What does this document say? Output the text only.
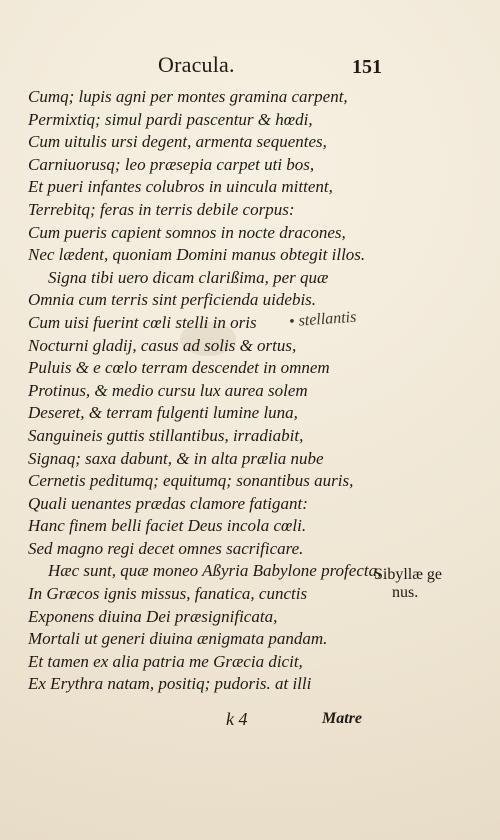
Oracula.	151
Cumq; lupis agni per montes gramina carpent,
Permixtiq; simul pardi pascentur & hœdi,
Cum uitulis ursi degent, armenta sequentes,
Carniuorusq; leo præsepia carpet uti bos,
Et pueri infantes colubros in uincula mittent,
Terrebitq; feras in terris debile corpus:
Cum pueris capient somnos in nocte dracones,
Nec lædent, quoniam Domini manus obtegit illos.
Signa tibi uero dicam clarißima, per quæ
Omnia cum terris sint perficienda uidebis.
Cum uisi fuerint cœli stelli in oris
Nocturni gladij, casus ad solis & ortus,
Puluis & e cœlo terram descendet in omnem
Protinus, & medio cursu lux aurea solem
Deseret, & terram fulgenti lumine luna,
Sanguineis guttis stillantibus, irradiabit,
Signaq; saxa dabunt, & in alta prælia nube
Cernetis peditumq; equitumq; sonantibus auris,
Quali uenantes prædas clamore fatigant:
Hanc finem belli faciet Deus incola cœli.
Sed magno regi decet omnes sacrificare.
Hæc sunt, quæ moneo Aßyria Babylone profecta,
In Græcos ignis missus, fanatica, cunctis
Exponens diuina Dei præsignificata,
Mortali ut generi diuina ænigmata pandam.
Et tamen ex alia patria me Græcia dicit,
Ex Erythra natam, positiq; pudoris. at illi
• stellantis
Sibyllæ ge
nus.
k 4	Matre
